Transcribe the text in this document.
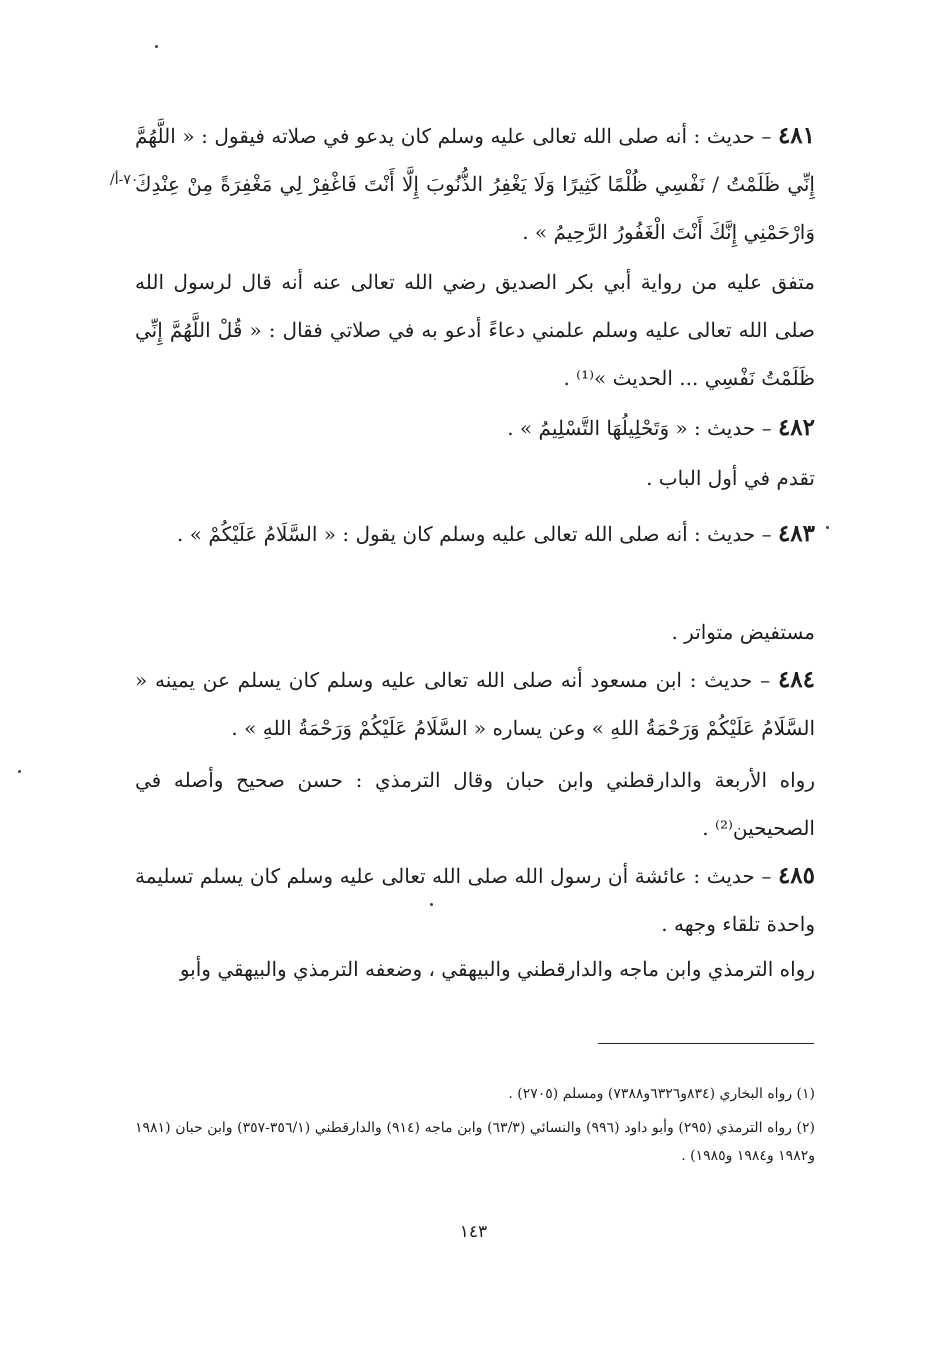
/٧٠-أ

٤٨١ – حديث : أنه صلى الله تعالى عليه وسلم كان يدعو في صلاته فيقول : « اللَّهُمَّ إِنِّي ظَلَمْتُ / نَفْسِي ظُلْمًا كَثِيرًا وَلَا يَغْفِرُ الذُّنُوبَ إِلَّا أَنْتَ فَاغْفِرْ لِي مَغْفِرَةً مِنْ عِنْدِكَ وَارْحَمْنِي إِنَّكَ أَنْتَ الْغَفُورُ الرَّحِيمُ » .

متفق عليه من رواية أبي بكر الصديق رضي الله تعالى عنه أنه قال لرسول الله صلى الله تعالى عليه وسلم علمني دعاءً أدعو به في صلاتي فقال : « قُلْ اللَّهُمَّ إِنِّي ظَلَمْتُ نَفْسِي ... الحديث »⁽¹⁾ .

٤٨٢ – حديث : « وَتَحْلِيلُهَا التَّسْلِيمُ » .

تقدم في أول الباب .

٤٨٣ – حديث : أنه صلى الله تعالى عليه وسلم كان يقول : « السَّلَامُ عَلَيْكُمْ » .

مستفيض متواتر .

٤٨٤ – حديث : ابن مسعود أنه صلى الله تعالى عليه وسلم كان يسلم عن يمينه « السَّلَامُ عَلَيْكُمْ وَرَحْمَةُ اللهِ » وعن يساره « السَّلَامُ عَلَيْكُمْ وَرَحْمَةُ اللهِ » .

رواه الأربعة والدارقطني وابن حبان وقال الترمذي : حسن صحيح وأصله في الصحيحين⁽²⁾ .

٤٨٥ – حديث : عائشة أن رسول الله صلى الله تعالى عليه وسلم كان يسلم تسليمة واحدة تلقاء وجهه .

رواه الترمذي وابن ماجه والدارقطني والبيهقي ، وضعفه الترمذي والبيهقي وأبو

(١) رواه البخاري (٨٣٤و٦٣٢٦و٧٣٨٨) ومسلم (٢٧٠٥) .

(٢) رواه الترمذي (٢٩٥) وأبو داود (٩٩٦) والنسائي (٦٣/٣) وابن ماجه (٩١٤) والدارقطني (٣٥٦/١-٣٥٧) وابن حبان (١٩٨١ و١٩٨٢ و١٩٨٤ و١٩٨٥) .

١٤٣
